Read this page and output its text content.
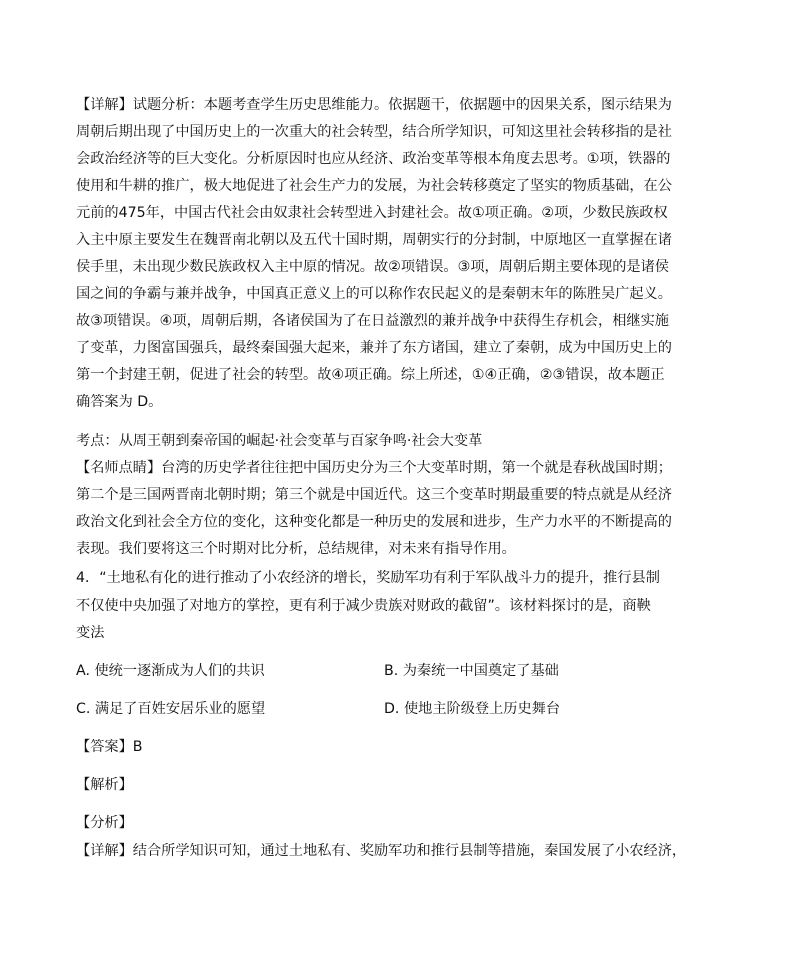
【详解】试题分析：本题考查学生历史思维能力。依据题干，依据题中的因果关系，图示结果为
周朝后期出现了中国历史上的一次重大的社会转型，结合所学知识，可知这里社会转移指的是社
会政治经济等的巨大变化。分析原因时也应从经济、政治变革等根本角度去思考。①项，铁器的
使用和牛耕的推广，极大地促进了社会生产力的发展，为社会转移奠定了坚实的物质基础，在公
元前的475年，中国古代社会由奴隶社会转型进入封建社会。故①项正确。②项，少数民族政权
入主中原主要发生在魏晋南北朝以及五代十国时期，周朝实行的分封制，中原地区一直掌握在诸
侯手里，未出现少数民族政权入主中原的情况。故②项错误。③项，周朝后期主要体现的是诸侯
国之间的争霸与兼并战争，中国真正意义上的可以称作农民起义的是秦朝末年的陈胜吴广起义。
故③项错误。④项，周朝后期，各诸侯国为了在日益激烈的兼并战争中获得生存机会，相继实施
了变革，力图富国强兵，最终秦国强大起来，兼并了东方诸国，建立了秦朝，成为中国历史上的
第一个封建王朝，促进了社会的转型。故④项正确。综上所述，①④正确，②③错误，故本题正
确答案为 D。
考点：从周王朝到秦帝国的崛起·社会变革与百家争鸣·社会大变革
【名师点睛】台湾的历史学者往往把中国历史分为三个大变革时期，第一个就是春秋战国时期；
第二个是三国两晋南北朝时期；第三个就是中国近代。这三个变革时期最重要的特点就是从经济
政治文化到社会全方位的变化，这种变化都是一种历史的发展和进步，生产力水平的不断提高的
表现。我们要将这三个时期对比分析，总结规律，对未来有指导作用。
4．“土地私有化的进行推动了小农经济的增长，奖励军功有利于军队战斗力的提升，推行县制
不仅使中央加强了对地方的掌控，更有利于减少贵族对财政的截留”。该材料探讨的是，商鞅
变法
A. 使统一逐渐成为人们的共识	B. 为秦统一中国奠定了基础
C. 满足了百姓安居乐业的愿望	D. 使地主阶级登上历史舞台
【答案】B
【解析】
【分析】
【详解】结合所学知识可知，通过土地私有、奖励军功和推行县制等措施，秦国发展了小农经济，
